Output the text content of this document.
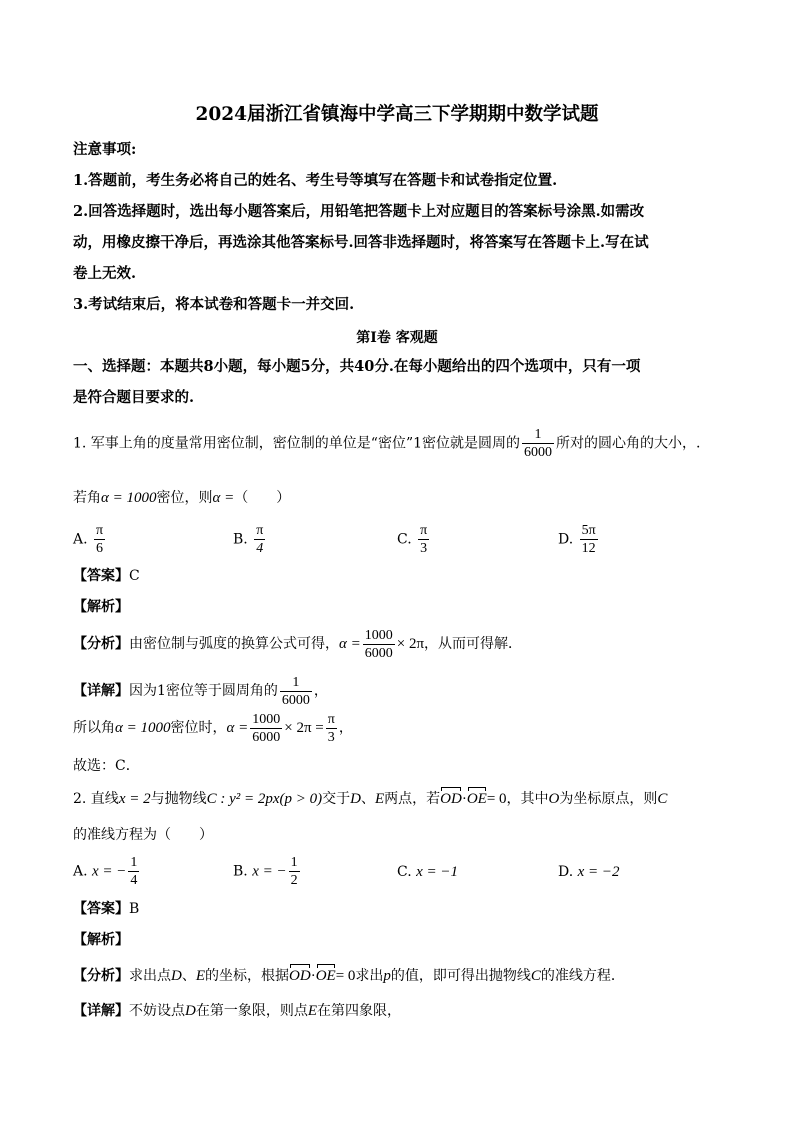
2024届浙江省镇海中学高三下学期期中数学试题
注意事项:
1.答题前，考生务必将自己的姓名、考生号等填写在答题卡和试卷指定位置.
2.回答选择题时，选出每小题答案后，用铅笔把答题卡上对应题目的答案标号涂黑.如需改
动，用橡皮擦干净后，再选涂其他答案标号.回答非选择题时，将答案写在答题卡上.写在试
卷上无效.
3.考试结束后，将本试卷和答题卡一并交回.
第Ⅰ卷 客观题
一、选择题：本题共8小题，每小题5分，共40分.在每小题给出的四个选项中，只有一项
是符合题目要求的.
1. 军事上角的度量常用密位制，密位制的单位是“密位”1密位就是圆周的 $\frac{1}{6000}$ 所对的圆心角的大小，.
若角α = 1000密位，则α =（　　）
A. $\frac{\pi}{6}$	B. $\frac{\pi}{4}$	C. $\frac{\pi}{3}$	D. $\frac{5\pi}{12}$
【答案】C
【解析】
【分析】由密位制与弧度的换算公式可得，$\alpha = \frac{1000}{6000} \times 2\pi$，从而可得解．
【详解】因为1密位等于圆周角的 $\frac{1}{6000}$ ，
所以角α = 1000密位时，$\alpha = \frac{1000}{6000} \times 2\pi = \frac{\pi}{3}$ ，
故选：C．
2. 直线x = 2与抛物线C : y² = 2px(p > 0)交于D、E两点，若OD·OE= 0，其中O为坐标原点，则C
的准线方程为（　　）
A. x = − $\frac{1}{4}$	B. x = − $\frac{1}{2}$	C. x = −1	D. x = −2
【答案】B
【解析】
【分析】求出点D、E的坐标，根据OD·OE= 0求出p的值，即可得出抛物线C的准线方程．
【详解】不妨设点D在第一象限，则点E在第四象限，
